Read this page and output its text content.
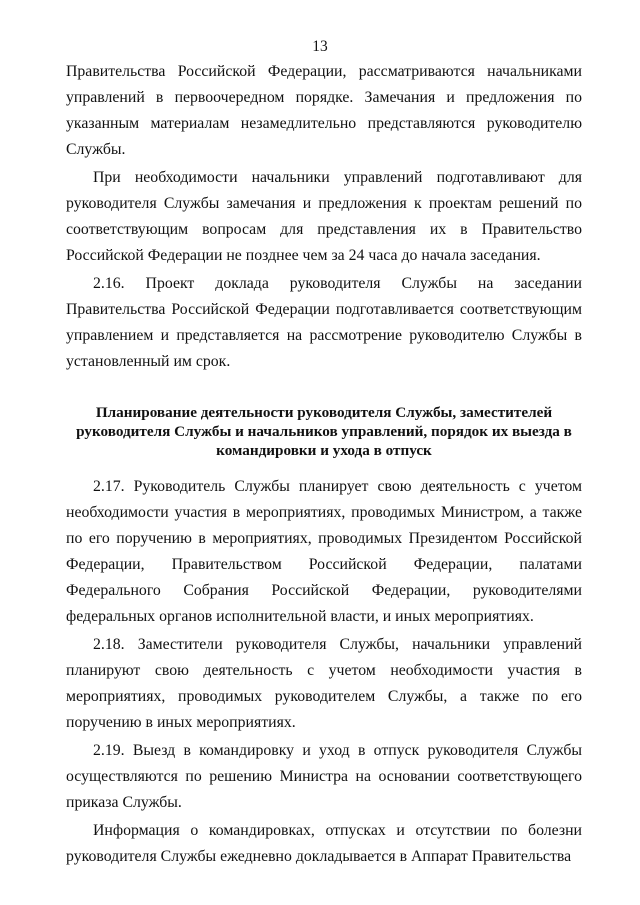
13

Правительства Российской Федерации, рассматриваются начальниками управлений в первоочередном порядке. Замечания и предложения по указанным материалам незамедлительно представляются руководителю Службы.

При необходимости начальники управлений подготавливают для руководителя Службы замечания и предложения к проектам решений по соответствующим вопросам для представления их в Правительство Российской Федерации не позднее чем за 24 часа до начала заседания.

2.16. Проект доклада руководителя Службы на заседании Правительства Российской Федерации подготавливается соответствующим управлением и представляется на рассмотрение руководителю Службы в установленный им срок.

Планирование деятельности руководителя Службы, заместителей руководителя Службы и начальников управлений, порядок их выезда в командировки и ухода в отпуск

2.17. Руководитель Службы планирует свою деятельность с учетом необходимости участия в мероприятиях, проводимых Министром, а также по его поручению в мероприятиях, проводимых Президентом Российской Федерации, Правительством Российской Федерации, палатами Федерального Собрания Российской Федерации, руководителями федеральных органов исполнительной власти, и иных мероприятиях.

2.18. Заместители руководителя Службы, начальники управлений планируют свою деятельность с учетом необходимости участия в мероприятиях, проводимых руководителем Службы, а также по его поручению в иных мероприятиях.

2.19. Выезд в командировку и уход в отпуск руководителя Службы осуществляются по решению Министра на основании соответствующего приказа Службы.

Информация о командировках, отпусках и отсутствии по болезни руководителя Службы ежедневно докладывается в Аппарат Правительства
